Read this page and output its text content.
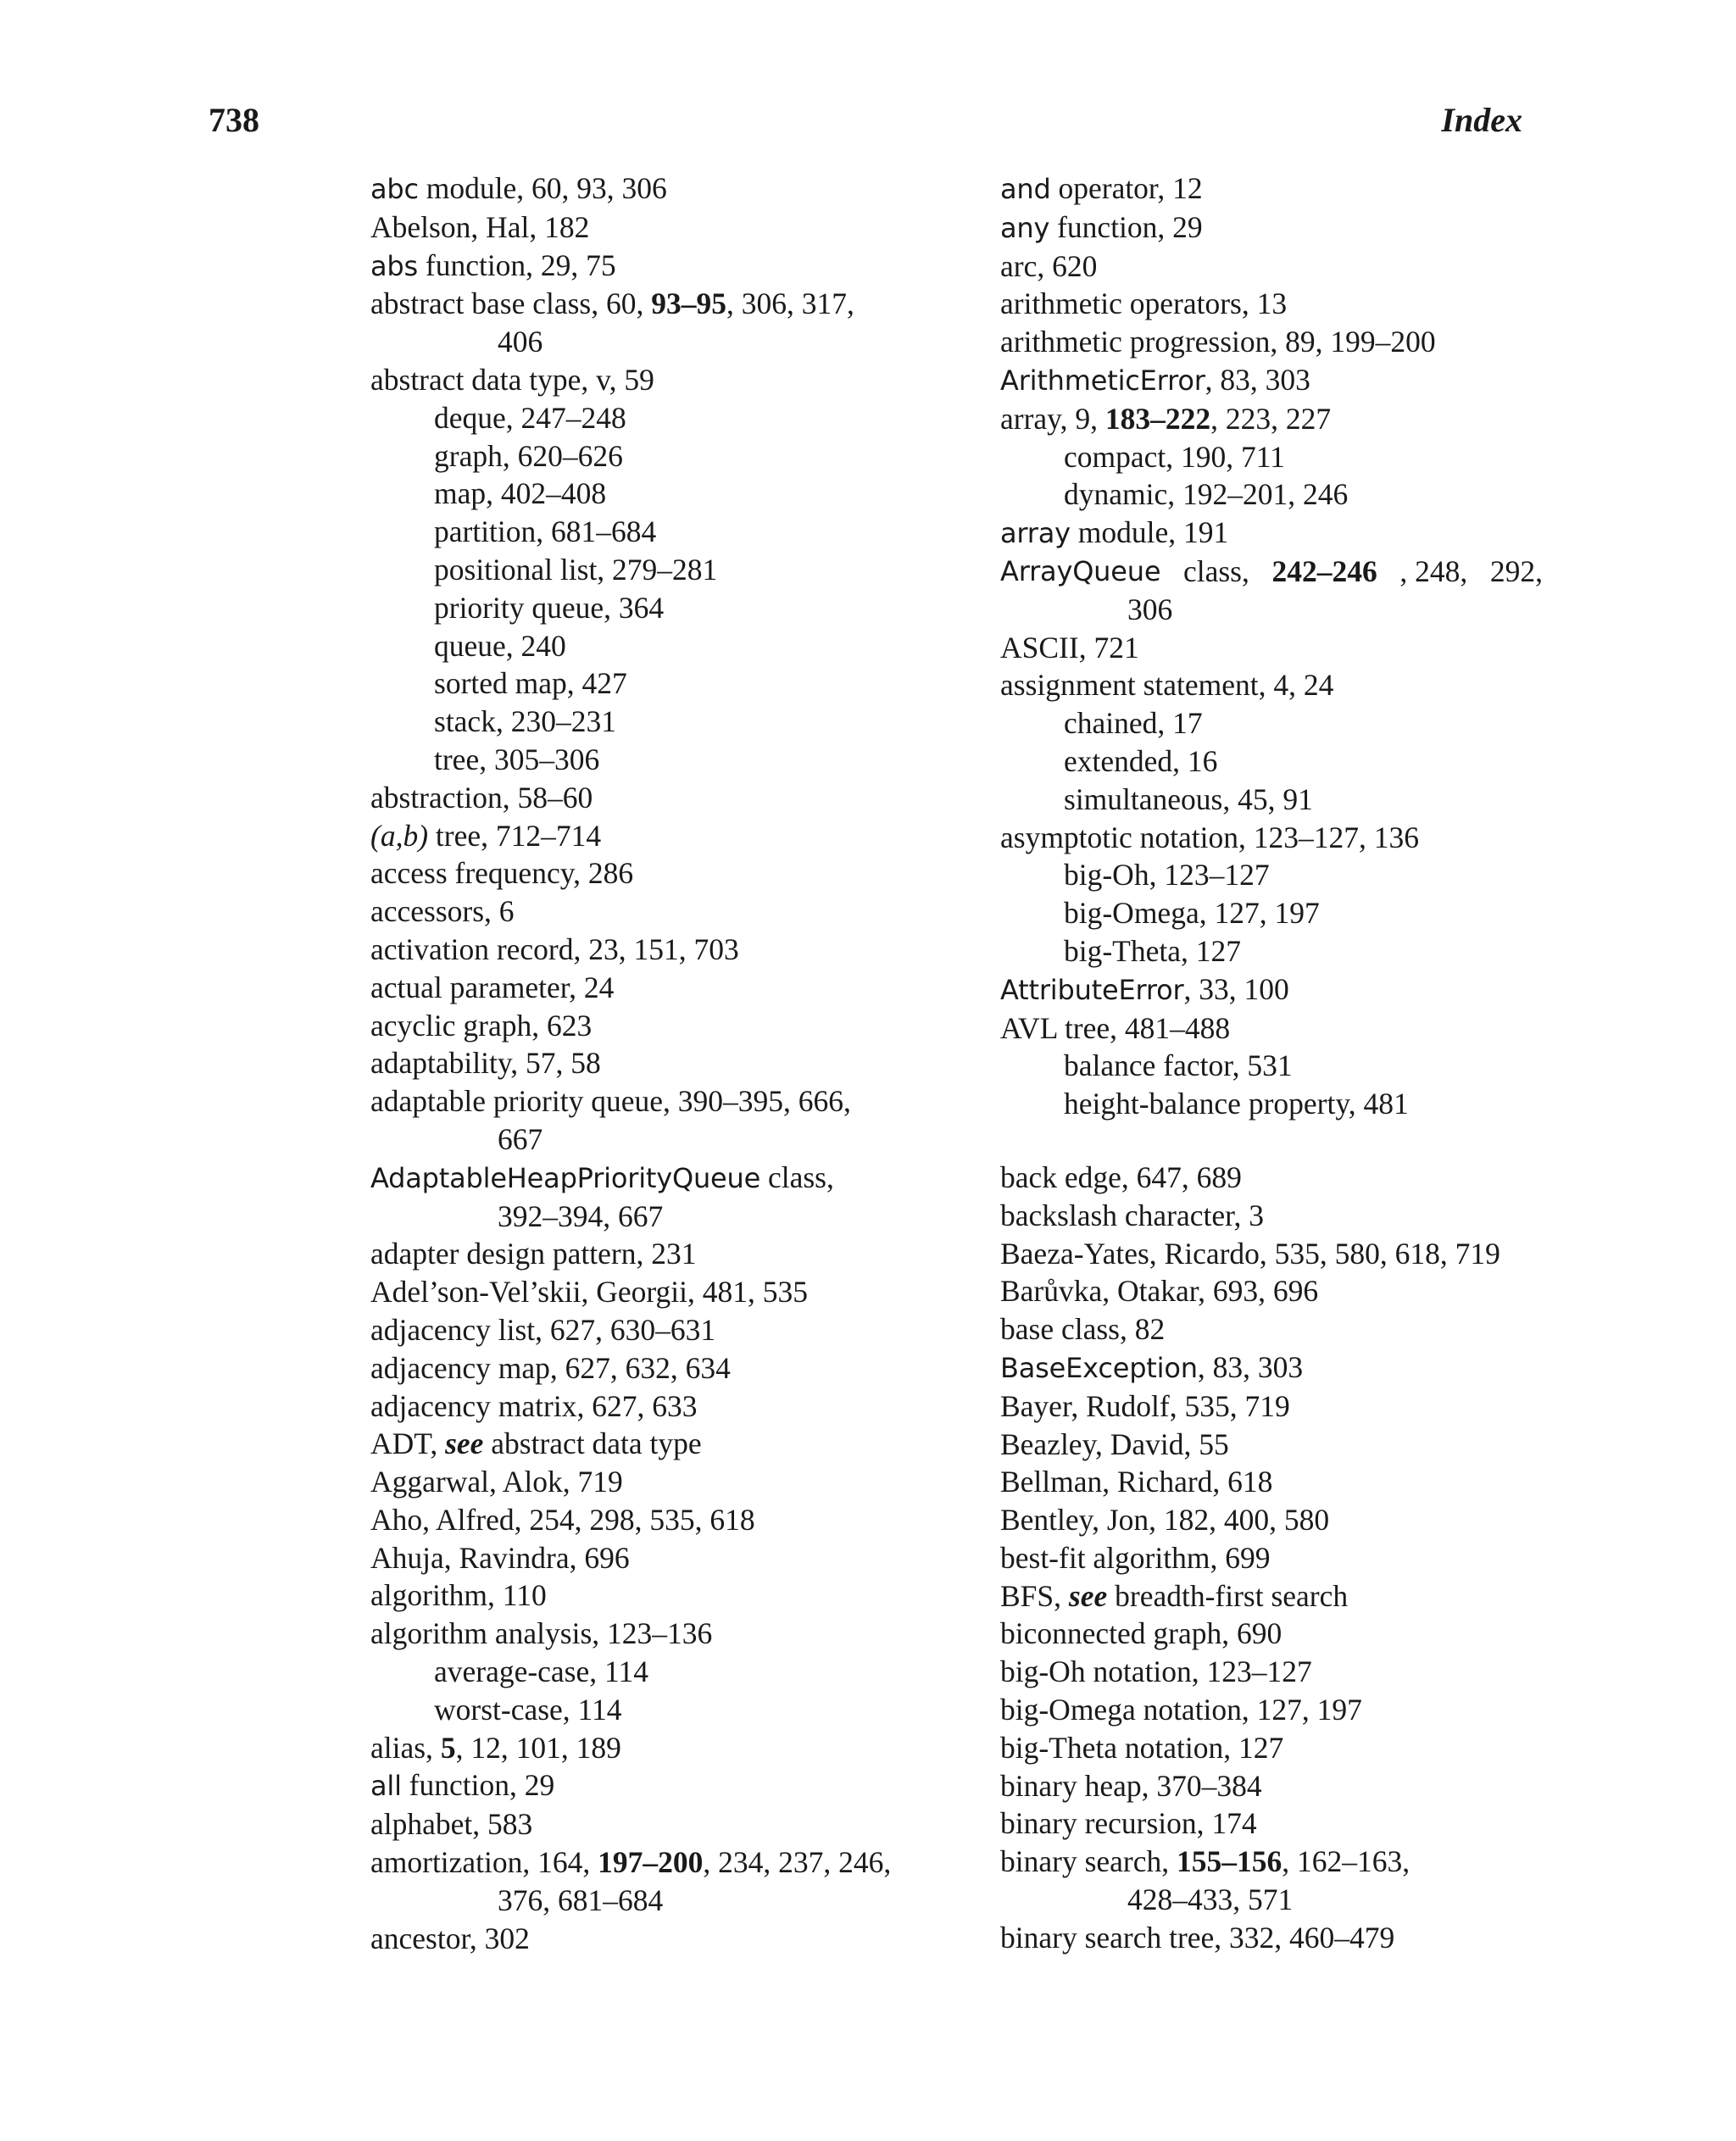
738	Index
abc module, 60, 93, 306
Abelson, Hal, 182
abs function, 29, 75
abstract base class, 60, 93–95, 306, 317,
406
abstract data type, v, 59
deque, 247–248
graph, 620–626
map, 402–408
partition, 681–684
positional list, 279–281
priority queue, 364
queue, 240
sorted map, 427
stack, 230–231
tree, 305–306
abstraction, 58–60
(a,b) tree, 712–714
access frequency, 286
accessors, 6
activation record, 23, 151, 703
actual parameter, 24
acyclic graph, 623
adaptability, 57, 58
adaptable priority queue, 390–395, 666,
667
AdaptableHeapPriorityQueue class,
392–394, 667
adapter design pattern, 231
Adel’son-Vel’skii, Georgii, 481, 535
adjacency list, 627, 630–631
adjacency map, 627, 632, 634
adjacency matrix, 627, 633
ADT, see abstract data type
Aggarwal, Alok, 719
Aho, Alfred, 254, 298, 535, 618
Ahuja, Ravindra, 696
algorithm, 110
algorithm analysis, 123–136
average-case, 114
worst-case, 114
alias, 5, 12, 101, 189
all function, 29
alphabet, 583
amortization, 164, 197–200, 234, 237, 246,
376, 681–684
ancestor, 302
and operator, 12
any function, 29
arc, 620
arithmetic operators, 13
arithmetic progression, 89, 199–200
ArithmeticError, 83, 303
array, 9, 183–222, 223, 227
compact, 190, 711
dynamic, 192–201, 246
array module, 191
ArrayQueue class, 242–246 , 248, 292,
306
ASCII, 721
assignment statement, 4, 24
chained, 17
extended, 16
simultaneous, 45, 91
asymptotic notation, 123–127, 136
big-Oh, 123–127
big-Omega, 127, 197
big-Theta, 127
AttributeError, 33, 100
AVL tree, 481–488
balance factor, 531
height-balance property, 481
back edge, 647, 689
backslash character, 3
Baeza-Yates, Ricardo, 535, 580, 618, 719
Barůvka, Otakar, 693, 696
base class, 82
BaseException, 83, 303
Bayer, Rudolf, 535, 719
Beazley, David, 55
Bellman, Richard, 618
Bentley, Jon, 182, 400, 580
best-fit algorithm, 699
BFS, see breadth-first search
biconnected graph, 690
big-Oh notation, 123–127
big-Omega notation, 127, 197
big-Theta notation, 127
binary heap, 370–384
binary recursion, 174
binary search, 155–156, 162–163,
428–433, 571
binary search tree, 332, 460–479
